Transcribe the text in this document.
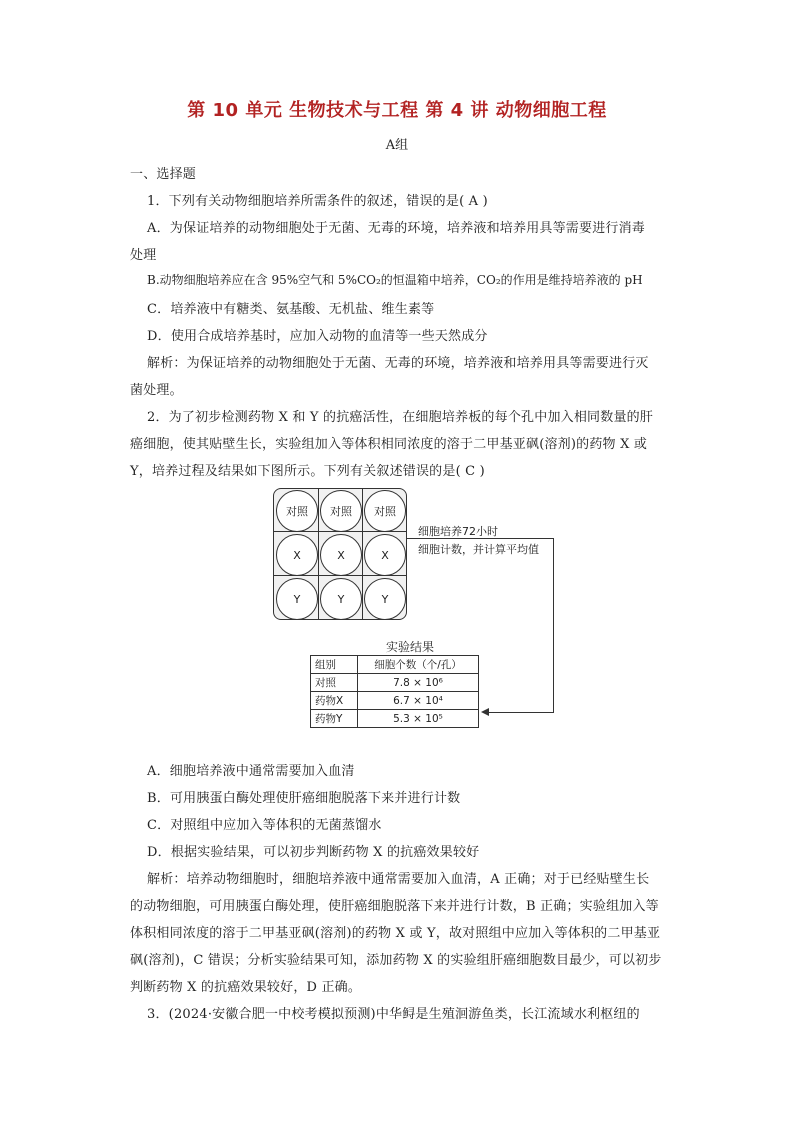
第 10 单元 生物技术与工程 第 4 讲 动物细胞工程
A组
一、选择题
1．下列有关动物细胞培养所需条件的叙述，错误的是( A )
A．为保证培养的动物细胞处于无菌、无毒的环境，培养液和培养用具等需要进行消毒
处理
B.动物细胞培养应在含 95%空气和 5%CO₂的恒温箱中培养，CO₂的作用是维持培养液的 pH
C．培养液中有糖类、氨基酸、无机盐、维生素等
D．使用合成培养基时，应加入动物的血清等一些天然成分
解析：为保证培养的动物细胞处于无菌、无毒的环境，培养液和培养用具等需要进行灭
菌处理。
2．为了初步检测药物 X 和 Y 的抗癌活性，在细胞培养板的每个孔中加入相同数量的肝
癌细胞，使其贴壁生长，实验组加入等体积相同浓度的溶于二甲基亚砜(溶剂)的药物 X 或
Y，培养过程及结果如下图所示。下列有关叙述错误的是( C )
对照	对照	对照
X	X	X
Y	Y	Y
细胞培养72小时
细胞计数，并计算平均值
实验结果
组别	细胞个数（个/孔）
对照	7.8 × 10⁶
药物X	6.7 × 10⁴
药物Y	5.3 × 10⁵
A．细胞培养液中通常需要加入血清
B．可用胰蛋白酶处理使肝癌细胞脱落下来并进行计数
C．对照组中应加入等体积的无菌蒸馏水
D．根据实验结果，可以初步判断药物 X 的抗癌效果较好
解析：培养动物细胞时，细胞培养液中通常需要加入血清，A 正确；对于已经贴壁生长
的动物细胞，可用胰蛋白酶处理，使肝癌细胞脱落下来并进行计数，B 正确；实验组加入等
体积相同浓度的溶于二甲基亚砜(溶剂)的药物 X 或 Y，故对照组中应加入等体积的二甲基亚
砜(溶剂)，C 错误；分析实验结果可知，添加药物 X 的实验组肝癌细胞数目最少，可以初步
判断药物 X 的抗癌效果较好，D 正确。
3．(2024·安徽合肥一中校考模拟预测)中华鲟是生殖洄游鱼类，长江流域水利枢纽的
